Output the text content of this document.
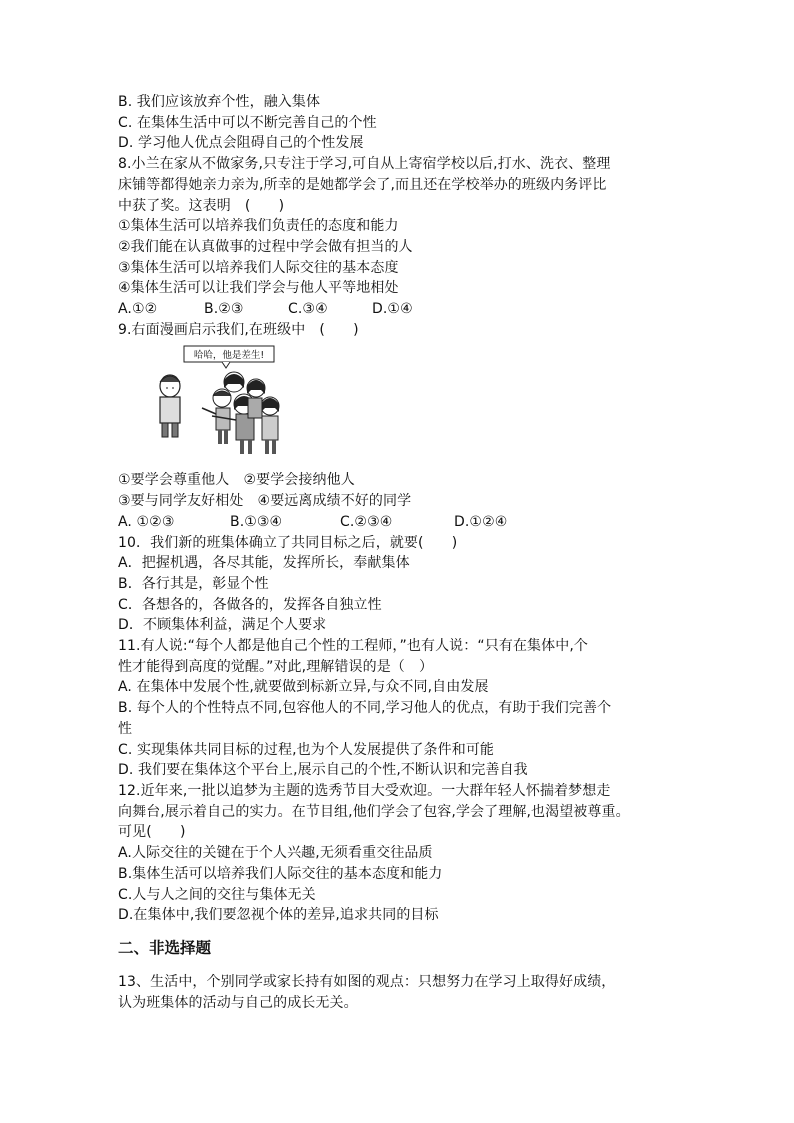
B. 我们应该放弃个性，融入集体
C. 在集体生活中可以不断完善自己的个性
D. 学习他人优点会阻碍自己的个性发展
8.小兰在家从不做家务,只专注于学习,可自从上寄宿学校以后,打水、洗衣、整理
床铺等都得她亲力亲为,所幸的是她都学会了,而且还在学校举办的班级内务评比
中获了奖。这表明　(　　)
①集体生活可以培养我们负责任的态度和能力
②我们能在认真做事的过程中学会做有担当的人
③集体生活可以培养我们人际交往的基本态度
④集体生活可以让我们学会与他人平等地相处
A.①②	B.②③	C.③④	D.①④
9.右面漫画启示我们,在班级中　(　　)
哈哈，他是差生!
①要学会尊重他人　②要学会接纳他人
③要与同学友好相处　④要远离成绩不好的同学
A. ①②③	B.①③④	C.②③④	D.①②④
10．我们新的班集体确立了共同目标之后，就要(　　)
A．把握机遇，各尽其能，发挥所长，奉献集体
B．各行其是，彰显个性
C．各想各的，各做各的，发挥各自独立性
D．不顾集体利益，满足个人要求
11.有人说:“每个人都是他自己个性的工程师，”也有人说：“只有在集体中,个
性才能得到高度的觉醒。”对此,理解错误的是（　）
A. 在集体中发展个性,就要做到标新立异,与众不同,自由发展
B. 每个人的个性特点不同,包容他人的不同,学习他人的优点，有助于我们完善个
性
C. 实现集体共同目标的过程,也为个人发展提供了条件和可能
D. 我们要在集体这个平台上,展示自己的个性,不断认识和完善自我
12.近年来,一批以追梦为主题的选秀节目大受欢迎。一大群年轻人怀揣着梦想走
向舞台,展示着自己的实力。在节目组,他们学会了包容,学会了理解,也渴望被尊重。
可见(　　)
A.人际交往的关键在于个人兴趣,无须看重交往品质
B.集体生活可以培养我们人际交往的基本态度和能力
C.人与人之间的交往与集体无关
D.在集体中,我们要忽视个体的差异,追求共同的目标
二、非选择题
13、生活中，个别同学或家长持有如图的观点：只想努力在学习上取得好成绩，
认为班集体的活动与自己的成长无关。
